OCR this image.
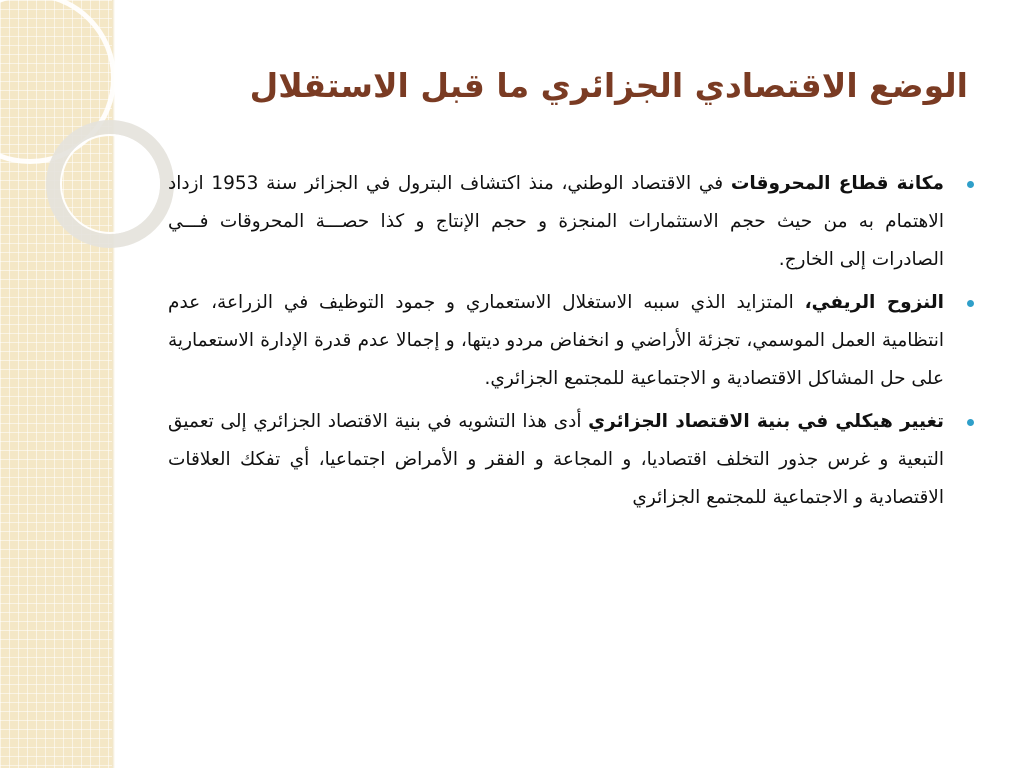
الوضع الاقتصادي الجزائري ما قبل الاستقلال
مكانة قطاع المحروقات في الاقتصاد الوطني، منذ اكتشاف البترول في الجزائر سنة 1953 ازداد الاهتمام به من حيث حجم الاستثمارات المنجزة و حجم الإنتاج و كذا حصـــة المحروقات فـــي الصادرات إلى الخارج.
النزوح الريفي، المتزايد الذي سببه الاستغلال الاستعماري و جمود التوظيف في الزراعة، عدم انتظامية العمل الموسمي، تجزئة الأراضي و انخفاض مردو ديتها، و إجمالا عدم قدرة الإدارة الاستعمارية على حل المشاكل الاقتصادية و الاجتماعية للمجتمع الجزائري.
تغيير هيكلي في بنية الاقتصاد الجزائري أدى هذا التشويه في بنية الاقتصاد الجزائري إلى تعميق التبعية و غرس جذور التخلف اقتصاديا، و المجاعة و الفقر و الأمراض اجتماعيا، أي تفكك العلاقات الاقتصادية و الاجتماعية للمجتمع الجزائري
